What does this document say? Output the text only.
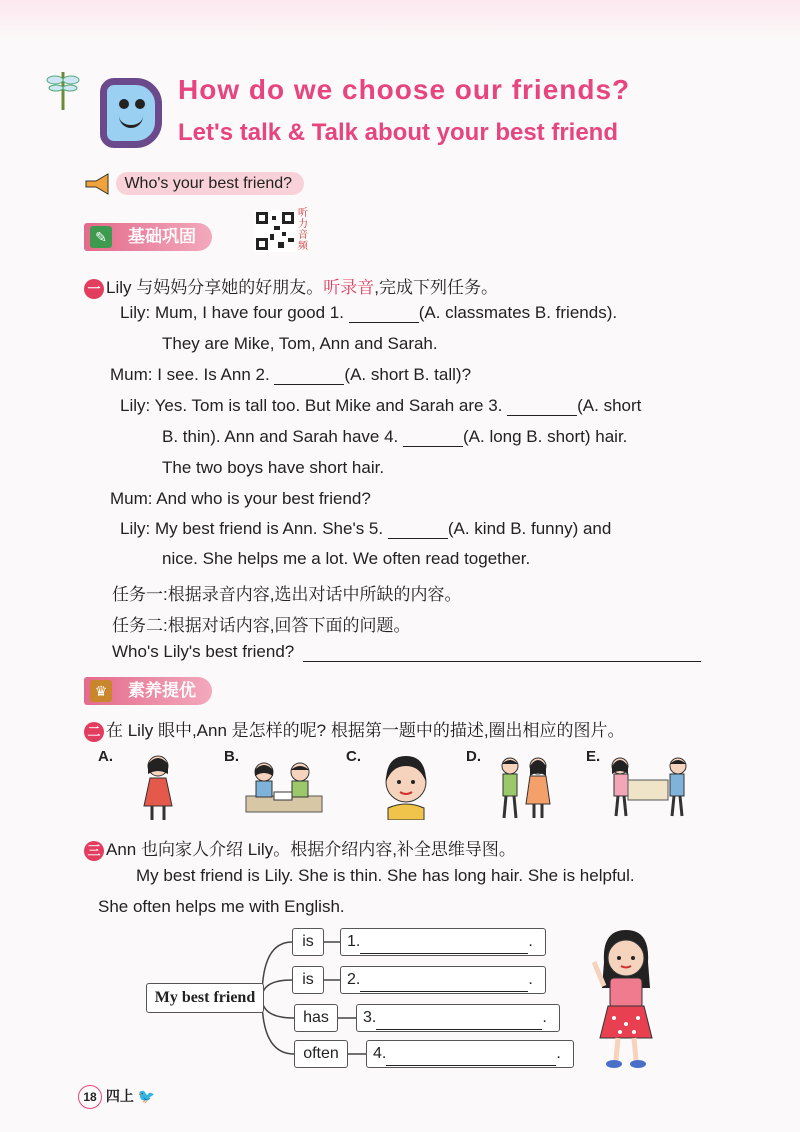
How do we choose our friends?
Let's talk & Talk about your best friend
Who's your best friend?
✎	基础巩固
听力音频
一 Lily 与妈妈分享她的好朋友。听录音,完成下列任务。
Lily: Mum, I have four good 1.	(A. classmates B. friends).
They are Mike, Tom, Ann and Sarah.
Mum: I see. Is Ann 2.	(A. short B. tall)?
Lily: Yes. Tom is tall too. But Mike and Sarah are 3.	(A. short
B. thin). Ann and Sarah have 4.	(A. long B. short) hair.
The two boys have short hair.
Mum: And who is your best friend?
Lily: My best friend is Ann. She's 5.	(A. kind B. funny) and
nice. She helps me a lot. We often read together.
任务一:根据录音内容,选出对话中所缺的内容。
任务二:根据对话内容,回答下面的问题。
Who's Lily's best friend?
♛ 素养提优
二 在 Lily 眼中,Ann 是怎样的呢? 根据第一题中的描述,圈出相应的图片。
A.	B.	C.	D.	E.
三 Ann 也向家人介绍 Lily。根据介绍内容,补全思维导图。
My best friend is Lily. She is thin. She has long hair. She is helpful.
She often helps me with English.
My best friend
is
is
has
often
1.	.
2.	.
3.	.
4.	.
18 四上 🐦
